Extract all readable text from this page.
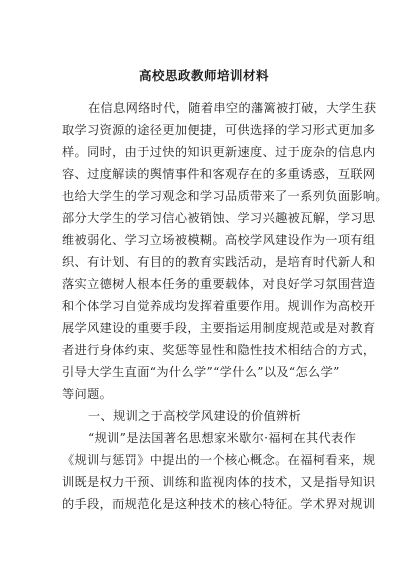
高校思政教师培训材料
在信息网络时代，随着串空的藩篱被打破，大学生获
取学习资源的途径更加便捷，可供选择的学习形式更加多
样。同时，由于过快的知识更新速度、过于庞杂的信息内
容、过度解读的舆情事件和客观存在的多重诱惑，互联网
也给大学生的学习观念和学习品质带来了一系列负面影响。
部分大学生的学习信心被销蚀、学习兴趣被瓦解，学习思
维被弱化、学习立场被模糊。高校学风建设作为一项有组
织、有计划、有目的的教育实践活动，是培育时代新人和
落实立德树人根本任务的重要载体，对良好学习氛围营造
和个体学习自觉养成均发挥着重要作用。规训作为高校开
展学风建设的重要手段，主要指运用制度规范或是对教育
者进行身体约束、奖惩等显性和隐性技术相结合的方式，
引导大学生直面“为什么学”“学什么”以及“怎么学”
等问题。
一、规训之于高校学风建设的价值辨析
“规训”是法国著名思想家米歇尔·福柯在其代表作
《规训与惩罚》中提出的一个核心概念。在福柯看来，规
训既是权力干预、训练和监视肉体的技术，又是指导知识
的手段，而规范化是这种技术的核心特征。学术界对规训
